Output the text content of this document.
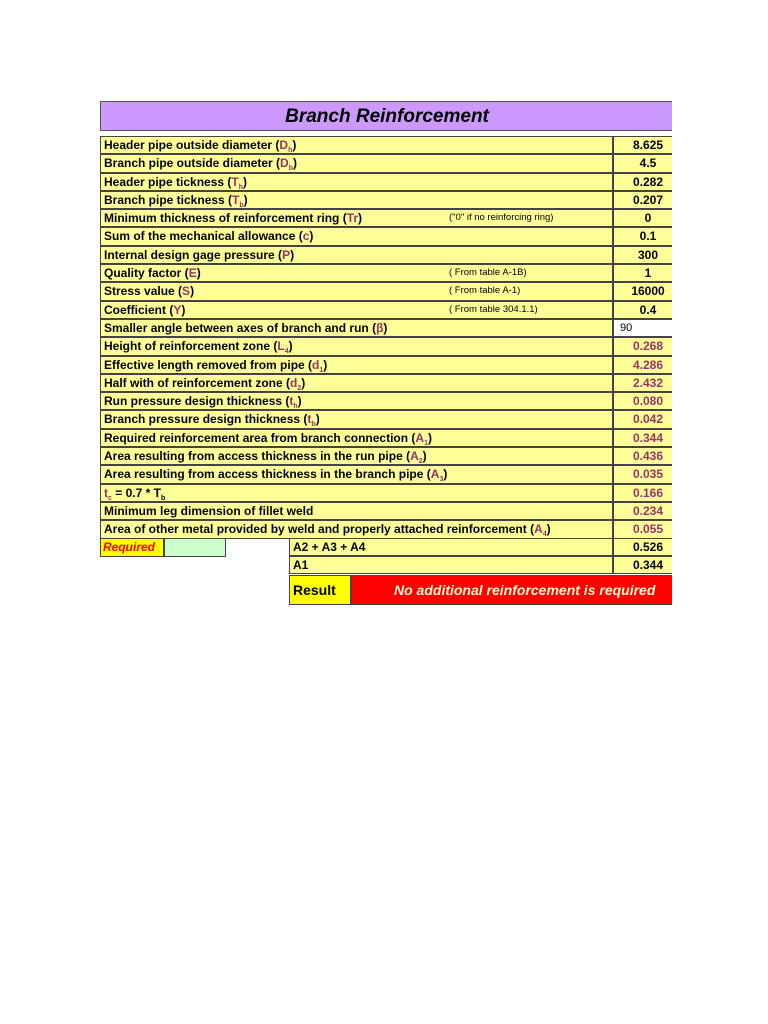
Branch Reinforcement
Header pipe outside diameter $(D_h)$	8.625
Branch pipe outside diameter $(D_b)$	4.5
Header pipe tickness $(T_h)$	0.282
Branch pipe tickness $(T_b)$	0.207
Minimum thickness of reinforcement ring (Tr)	("0" if no reinforcing ring)	0
Sum of the mechanical allowance (c)	0.1
Internal design gage pressure (P)	300
Quality factor (E)	( From table A-1B)	1
Stress value (S)	( From table A-1)	16000
Coefficient (Y)	( From table 304.1.1)	0.4
Smaller angle between axes of branch and run (β)	90
Height of reinforcement zone $(L_4)$	0.268
Effective length removed from pipe $(d_1)$	4.286
Half with of reinforcement zone $(d_2)$	2.432
Run pressure design thickness $(t_h)$	0.080
Branch pressure design thickness $(t_b)$	0.042
Required reinforcement area from branch connection $(A_1)$	0.344
Area resulting from access thickness in the run pipe $(A_2)$	0.436
Area resulting from access thickness in the branch pipe $(A_3)$	0.035
$t_c = 0.7 * T_b$	0.166
Minimum leg dimension of fillet weld	0.234
Area of other metal provided by weld and properly attached reinforcement $(A_4)$	0.055
Required	A2 + A3 + A4	0.526
A1	0.344
Result	No additional reinforcement is required
